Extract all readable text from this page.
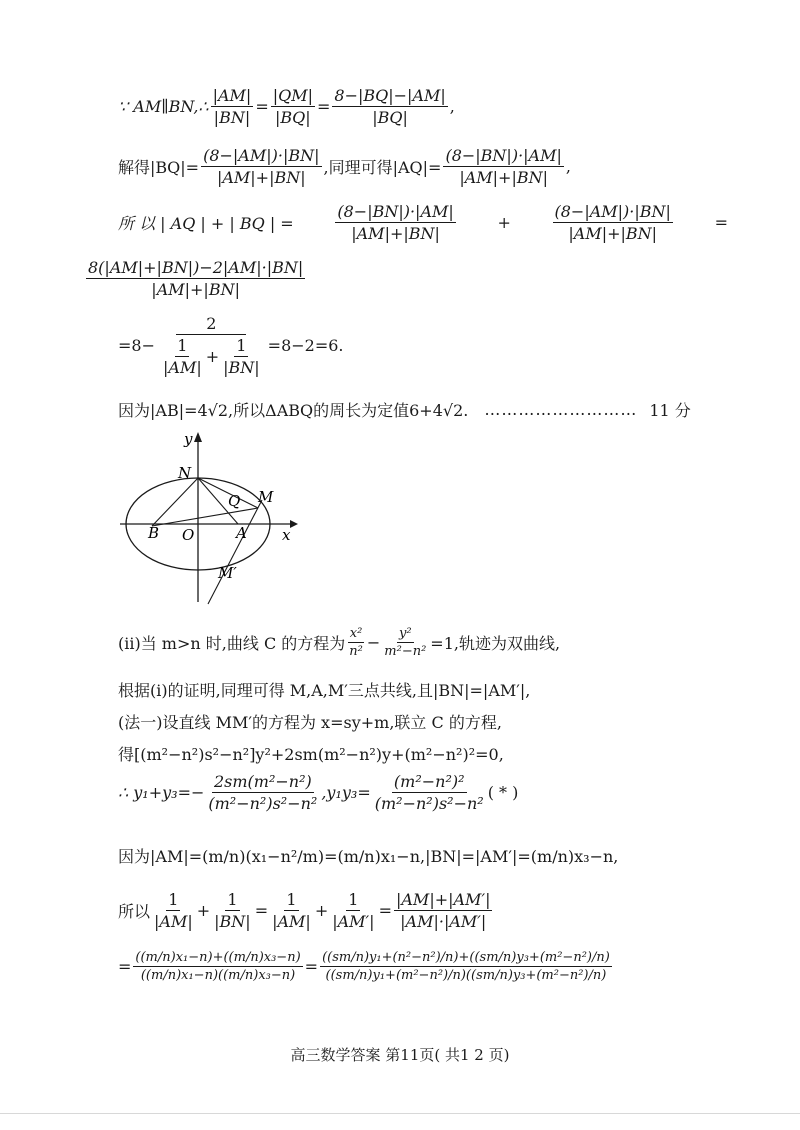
∵ AM∥BN,∴ $\frac{|AM|}{|BN|} = \frac{|QM|}{|BQ|} = \frac{8-|BQ|-|AM|}{|BQ|}$ ,
解得$|BQ|= \frac{(8-|AM|)\cdot|BN|}{|AM|+|BN|}$ ,同理可得$|AQ|= \frac{(8-|BN|)\cdot|AM|}{|AM|+|BN|}$ ,
所 以 | AQ | + | BQ | =	$\frac{(8-|BN|)\cdot|AM|}{|AM|+|BN|}$	+	$\frac{(8-|AM|)\cdot|BN|}{|AM|+|BN|}$	=
$\frac{8(|AM|+|BN|)-2|AM|\cdot|BN|}{|AM|+|BN|}$
$=8- \frac{2}{\frac{1}{|AM|} + \frac{1}{|BN|}} =8-2=6$.
因为|AB|=4√2,所以ΔABQ的周长为定值6+4√2. ……………………… 11 分
y
x
N
Q M
B O	A
M′
(ⅱ)当 m>n 时,曲线 C 的方程为 $\frac{\text{x²}}{\text{n²}} - \frac{\text{y²}}{\text{m²−n²}} =1$,轨迹为双曲线,
根据(ⅰ)的证明,同理可得 M,A,M′三点共线,且|BN|=|AM′|,
(法一)设直线 MM′的方程为 x=sy+m,联立 C 的方程,
得[(m²−n²)s²−n²]y²+2sm(m²−n²)y+(m²−n²)²=0,
∴ $y_1+y_3=- \frac{\text{2sm(m²−n²)}}{\text{(m²−n²)s²−n²}} ,y_1y_3= \frac{\text{(m²−n²)²}}{\text{(m²−n²)s²−n²}}$ ( * )
因为|AM|=(m/n)(x₁−n²/m)=(m/n)x₁−n,|BN|=|AM′|=(m/n)x₃−n,
所以 $\frac{1}{|AM|} + \frac{1}{|BN|} = \frac{1}{|AM|} + \frac{1}{|AM'|} = \frac{|AM|+|AM'|}{|AM|\cdot|AM'|}$
= $\frac{\text{((m/n)x₁−n)+((m/n)x₃−n)}}{\text{((m/n)x₁−n)((m/n)x₃−n)}} = \frac{\text{((sm/n)y₁+(n²−n²)/n)+((sm/n)y₃+(m²−n²)/n)}}{\text{((sm/n)y₁+(m²−n²)/n)((sm/n)y₃+(m²−n²)/n)}}$
高三数学答案 第11页( 共1 2 页)
